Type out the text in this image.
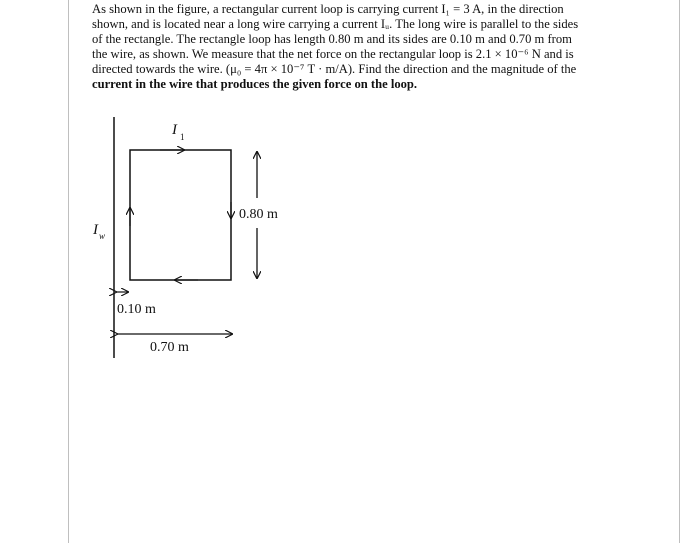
As shown in the figure, a rectangular current loop is carrying current I₁ = 3 A, in the direction
shown, and is located near a long wire carrying a current Iᵤ. The long wire is parallel to the sides
of the rectangle. The rectangle loop has length 0.80 m and its sides are 0.10 m and 0.70 m from
the wire, as shown. We measure that the net force on the rectangular loop is 2.1 × 10⁻⁶ N and is
directed towards the wire. (μ₀ = 4π × 10⁻⁷ T · m/A). Find the direction and the magnitude of the
current in the wire that produces the given force on the loop.
I 1
I w
0.80 m
0.10 m
0.70 m
